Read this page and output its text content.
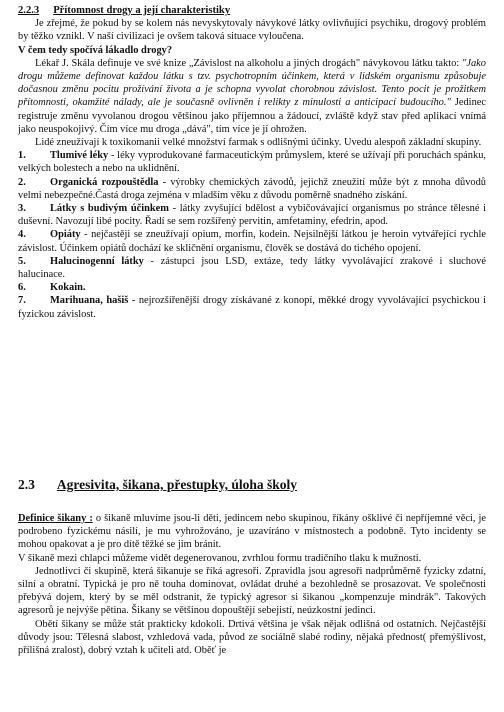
2.2.3 Přítomnost drogy a její charakteristiky

Je zřejmé, že pokud by se kolem nás nevyskytovaly návykové látky ovlivňující psychiku, drogový problém by těžko vznikl. V naší civilizaci je ovšem taková situace vyloučena.

V čem tedy spočívá lákadlo drogy?

Lékař J. Skála definuje ve své knize „Závislost na alkoholu a jiných drogách" návykovou látku takto: "Jako drogu můžeme definovat každou látku s tzv. psychotropním účinkem, která v lidském organismu způsobuje dočasnou změnu pocitu prožívání života a je schopna vyvolat chorobnou závislost. Tento pocit je prožitkem přítomnosti, okamžité nálady, ale je současně ovlivněn i relikty z minulosti a anticipací budoucího." Jedinec registruje změnu vyvolanou drogou většinou jako příjemnou a žádoucí, zvláště když stav před aplikací vnímá jako neuspokojivý. Čím více mu droga „dává", tím více je jí ohrožen.

Lidé zneužívají k toxikomanii velké množství farmak s odlišnými účinky. Uvedu alespoň základní skupiny.

1. Tlumivé léky - léky vyprodukované farmaceutickým průmyslem, které se užívají při poruchách spánku, velkých bolestech a nebo na uklidnění.

2. Organická rozpouštědla - výrobky chemických závodů, jejichž zneužití může být z mnoha důvodů velmi nebezpečné.Častá droga zejména v mladším věku z důvodu poměrně snadného získání.

3. Látky s budivým účinkem - látky zvyšující bdělost a vybičovávající organismus po stránce tělesné i duševní. Navozují libé pocity. Řadí se sem rozšířený pervitin, amfetaminy, efedrin, apod.

4. Opiáty - nejčastěji se zneužívají opium, morfin, kodein. Nejsilnější látkou je heroin vytvářející rychle závislost. Účinkem opiátů dochází ke skličnění organismu, člověk se dostává do tichého opojení.

5. Halucinogenní látky - zástupci jsou LSD, extáze, tedy látky vyvolávající zrakové i sluchové halucinace.

6. Kokain.

7. Marihuana, hašiš - nejrozšířenější drogy získávané z konopí, měkké drogy vyvolávající psychickou i fyzickou závislost.

2.3 Agresivita, šikana, přestupky, úloha školy

Definice šikany : o šikaně mluvíme jsou-li děti, jedincem nebo skupinou, říkány ošklivé či nepříjemné věci, je podrobeno fyzickému násilí, je mu vyhrožováno, je uzavíráno v místnostech a podobně. Tyto incidenty se mohou opakovat a je pro dítě těžké se jim bránit.

V šikaně mezi chlapci můžeme vidět degenerovanou, zvrhlou formu tradičního tlaku k mužnosti.

Jednotlivci či skupině, která šikanuje se říká agresoři. Zpravidla jsou agresoři nadprůměrně fyzicky zdatní, silní a obratní. Typická je pro ně touha dominovat, ovládat druhé a bezohledně se prosazovat. Ve společnosti přebývá dojem, který by se měl odstranit, že typický agresor si šikanou „kompenzuje mindrák". Takových agresorů je nejvýše pětina. Šikany se většinou dopouštějí sebejistí, neúzkostní jedinci.

Obětí šikany se může stát prakticky kdokoli. Drtivá většina je však nějak odlišná od ostatních. Nejčastější důvody jsou: Tělesná slabost, vzhledová vada, původ ze sociálně slabé rodiny, nějaká přednost( přemýšlivost, přílišná zralost), dobrý vztah k učiteli atd. Oběť je
